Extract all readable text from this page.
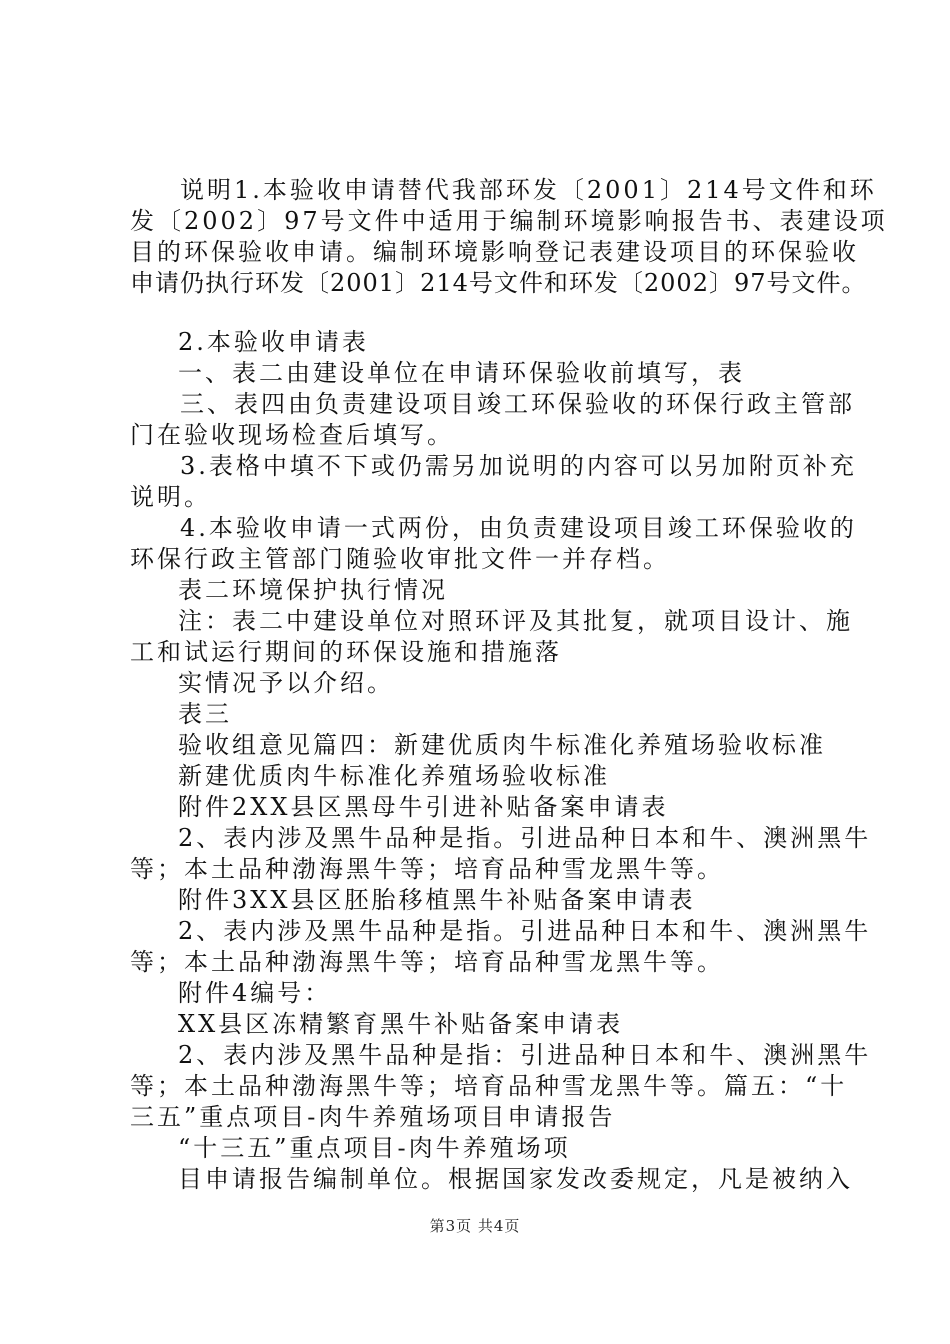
说明1.本验收申请替代我部环发〔2001〕214号文件和环
发〔2002〕97号文件中适用于编制环境影响报告书、表建设项
目的环保验收申请。编制环境影响登记表建设项目的环保验收
申请仍执行环发〔2001〕214号文件和环发〔2002〕97号文件。
2.本验收申请表
一、表二由建设单位在申请环保验收前填写，表
三、表四由负责建设项目竣工环保验收的环保行政主管部
门在验收现场检查后填写。
3.表格中填不下或仍需另加说明的内容可以另加附页补充
说明。
4.本验收申请一式两份，由负责建设项目竣工环保验收的
环保行政主管部门随验收审批文件一并存档。
表二环境保护执行情况
注：表二中建设单位对照环评及其批复，就项目设计、施
工和试运行期间的环保设施和措施落
实情况予以介绍。
表三
验收组意见篇四：新建优质肉牛标准化养殖场验收标准
新建优质肉牛标准化养殖场验收标准
附件2XX县区黑母牛引进补贴备案申请表
2、表内涉及黑牛品种是指。引进品种日本和牛、澳洲黑牛
等；本土品种渤海黑牛等；培育品种雪龙黑牛等。
附件3XX县区胚胎移植黑牛补贴备案申请表
2、表内涉及黑牛品种是指。引进品种日本和牛、澳洲黑牛
等；本土品种渤海黑牛等；培育品种雪龙黑牛等。
附件4编号：
XX县区冻精繁育黑牛补贴备案申请表
2、表内涉及黑牛品种是指：引进品种日本和牛、澳洲黑牛
等；本土品种渤海黑牛等；培育品种雪龙黑牛等。篇五：“十
三五”重点项目-肉牛养殖场项目申请报告
“十三五”重点项目-肉牛养殖场项
目申请报告编制单位。根据国家发改委规定，凡是被纳入
第3页 共4页
